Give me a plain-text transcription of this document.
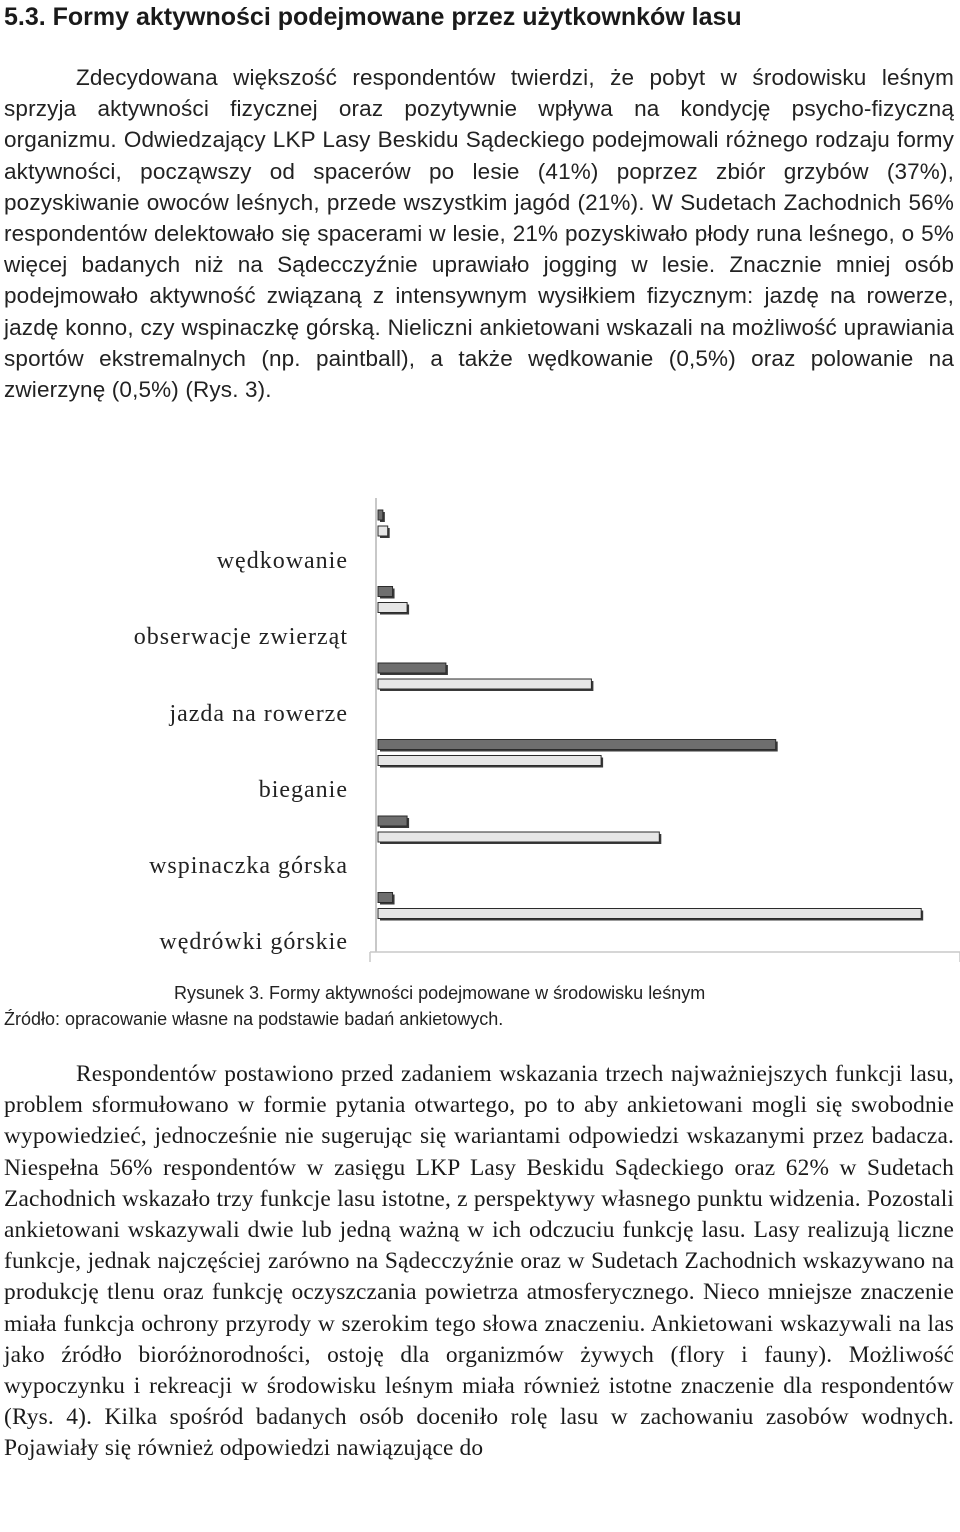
5.3. Formy aktywności podejmowane przez użytkownków lasu

Zdecydowana większość respondentów twierdzi, że pobyt w środowisku leśnym sprzyja aktywności fizycznej oraz pozytywnie wpływa na kondycję psycho-fizyczną organizmu. Odwiedzający LKP Lasy Beskidu Sądeckiego podejmowali różnego rodzaju formy aktywności, począwszy od spacerów po lesie (41%) poprzez zbiór grzybów (37%), pozyskiwanie owoców leśnych, przede wszystkim jagód (21%). W Sudetach Zachodnich 56% respondentów delektowało się spacerami w lesie, 21% pozyskiwało płody runa leśnego, o 5% więcej badanych niż na Sądecczyźnie uprawiało jogging w lesie. Znacznie mniej osób podejmowało aktywność związaną z intensywnym wysiłkiem fizycznym: jazdę na rowerze, jazdę konno, czy wspinaczkę górską. Nieliczni ankietowani wskazali na możliwość uprawiania sportów ekstremalnych (np. paintball), a także wędkowanie (0,5%) oraz polowanie na zwierzynę (0,5%) (Rys. 3).

wędkowanie
obserwacje zwierząt
jazda na rowerze
bieganie
wspinaczka górska
wędrówki górskie
Rysunek 3. Formy aktywności podejmowane w środowisku leśnym
Źródło: opracowanie własne na podstawie badań ankietowych.

Respondentów postawiono przed zadaniem wskazania trzech najważniejszych funkcji lasu, problem sformułowano w formie pytania otwartego, po to aby ankietowani mogli się swobodnie wypowiedzieć, jednocześnie nie sugerując się wariantami odpowiedzi wskazanymi przez badacza. Niespełna 56% respondentów w zasięgu LKP Lasy Beskidu Sądeckiego oraz 62% w Sudetach Zachodnich wskazało trzy funkcje lasu istotne, z perspektywy własnego punktu widzenia. Pozostali ankietowani wskazywali dwie lub jedną ważną w ich odczuciu funkcję lasu. Lasy realizują liczne funkcje, jednak najczęściej zarówno na Sądecczyźnie oraz w Sudetach Zachodnich wskazywano na produkcję tlenu oraz funkcję oczyszczania powietrza atmosferycznego. Nieco mniejsze znaczenie miała funkcja ochrony przyrody w szerokim tego słowa znaczeniu. Ankietowani wskazywali na las jako źródło bioróżnorodności, ostoję dla organizmów żywych (flory i fauny). Możliwość wypoczynku i rekreacji w środowisku leśnym miała również istotne znaczenie dla respondentów (Rys. 4). Kilka spośród badanych osób doceniło rolę lasu w zachowaniu zasobów wodnych. Pojawiały się również odpowiedzi nawiązujące do
